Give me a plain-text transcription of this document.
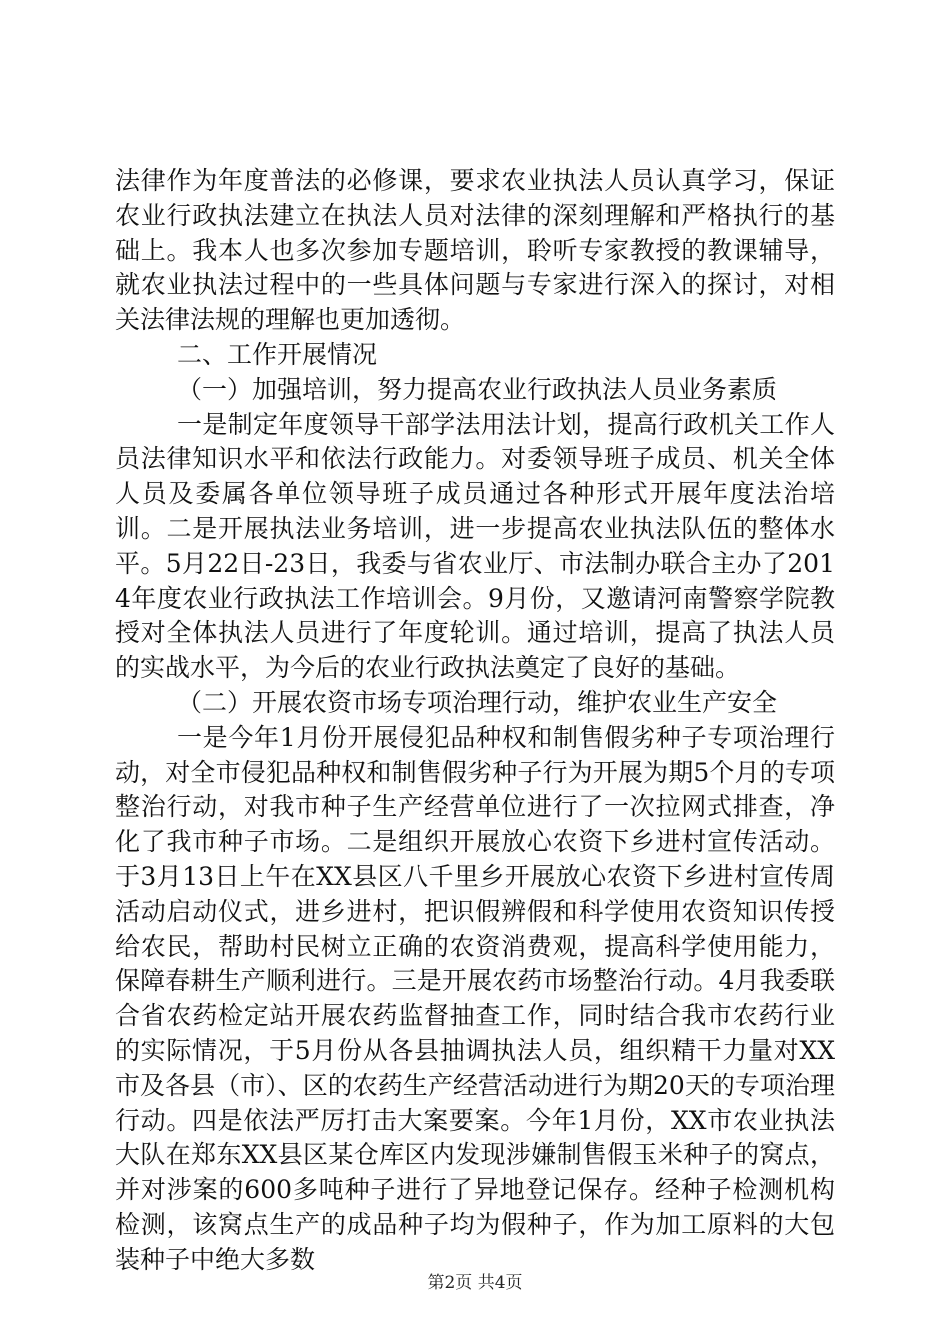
法律作为年度普法的必修课，要求农业执法人员认真学习，保证农业行政执法建立在执法人员对法律的深刻理解和严格执行的基础上。我本人也多次参加专题培训，聆听专家教授的教课辅导，就农业执法过程中的一些具体问题与专家进行深入的探讨，对相关法律法规的理解也更加透彻。

二、工作开展情况

（一）加强培训，努力提高农业行政执法人员业务素质

一是制定年度领导干部学法用法计划，提高行政机关工作人员法律知识水平和依法行政能力。对委领导班子成员、机关全体人员及委属各单位领导班子成员通过各种形式开展年度法治培训。二是开展执法业务培训，进一步提高农业执法队伍的整体水平。5月22日-23日，我委与省农业厅、市法制办联合主办了2014年度农业行政执法工作培训会。9月份，又邀请河南警察学院教授对全体执法人员进行了年度轮训。通过培训，提高了执法人员的实战水平，为今后的农业行政执法奠定了良好的基础。

（二）开展农资市场专项治理行动，维护农业生产安全

一是今年1月份开展侵犯品种权和制售假劣种子专项治理行动，对全市侵犯品种权和制售假劣种子行为开展为期5个月的专项整治行动，对我市种子生产经营单位进行了一次拉网式排查，净化了我市种子市场。二是组织开展放心农资下乡进村宣传活动。于3月13日上午在XX县区八千里乡开展放心农资下乡进村宣传周活动启动仪式，进乡进村，把识假辨假和科学使用农资知识传授给农民，帮助村民树立正确的农资消费观，提高科学使用能力，保障春耕生产顺利进行。三是开展农药市场整治行动。4月我委联合省农药检定站开展农药监督抽查工作，同时结合我市农药行业的实际情况，于5月份从各县抽调执法人员，组织精干力量对XX市及各县（市）、区的农药生产经营活动进行为期20天的专项治理行动。四是依法严厉打击大案要案。今年1月份，XX市农业执法大队在郑东XX县区某仓库区内发现涉嫌制售假玉米种子的窝点，并对涉案的600多吨种子进行了异地登记保存。经种子检测机构检测，该窝点生产的成品种子均为假种子，作为加工原料的大包装种子中绝大多数

第2页 共4页
